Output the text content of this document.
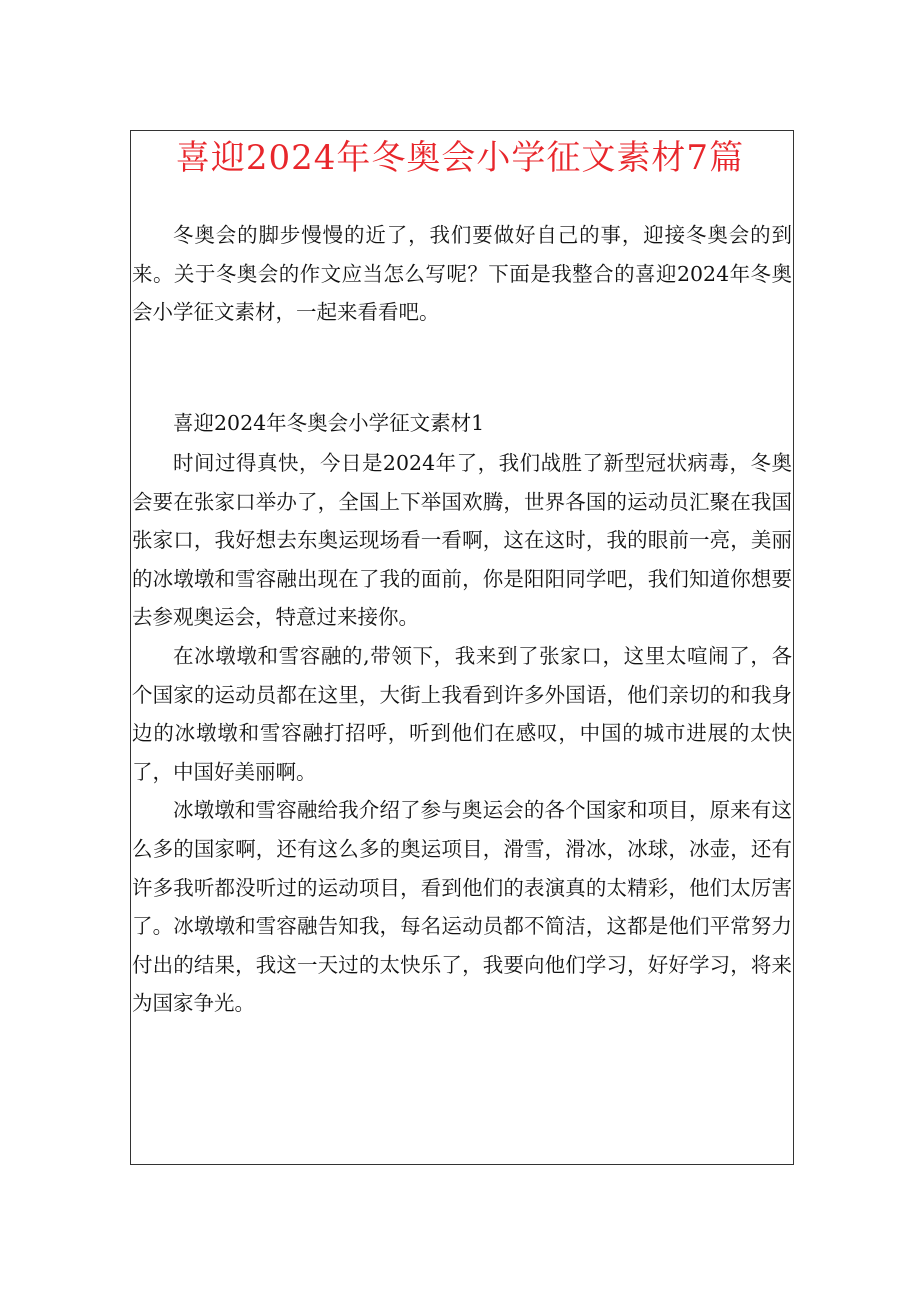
喜迎2024年冬奥会小学征文素材7篇

冬奥会的脚步慢慢的近了，我们要做好自己的事，迎接冬奥会的到来。关于冬奥会的作文应当怎么写呢？下面是我整合的喜迎2024年冬奥会小学征文素材，一起来看看吧。

喜迎2024年冬奥会小学征文素材1

时间过得真快，今日是2024年了，我们战胜了新型冠状病毒，冬奥会要在张家口举办了，全国上下举国欢腾，世界各国的运动员汇聚在我国张家口，我好想去东奥运现场看一看啊，这在这时，我的眼前一亮，美丽的冰墩墩和雪容融出现在了我的面前，你是阳阳同学吧，我们知道你想要去参观奥运会，特意过来接你。

在冰墩墩和雪容融的,带领下，我来到了张家口，这里太喧闹了，各个国家的运动员都在这里，大街上我看到许多外国语，他们亲切的和我身边的冰墩墩和雪容融打招呼，听到他们在感叹，中国的城市进展的太快了，中国好美丽啊。

冰墩墩和雪容融给我介绍了参与奥运会的各个国家和项目，原来有这么多的国家啊，还有这么多的奥运项目，滑雪，滑冰，冰球，冰壶，还有许多我听都没听过的运动项目，看到他们的表演真的太精彩，他们太厉害了。冰墩墩和雪容融告知我，每名运动员都不简洁，这都是他们平常努力付出的结果，我这一天过的太快乐了，我要向他们学习，好好学习，将来为国家争光。
